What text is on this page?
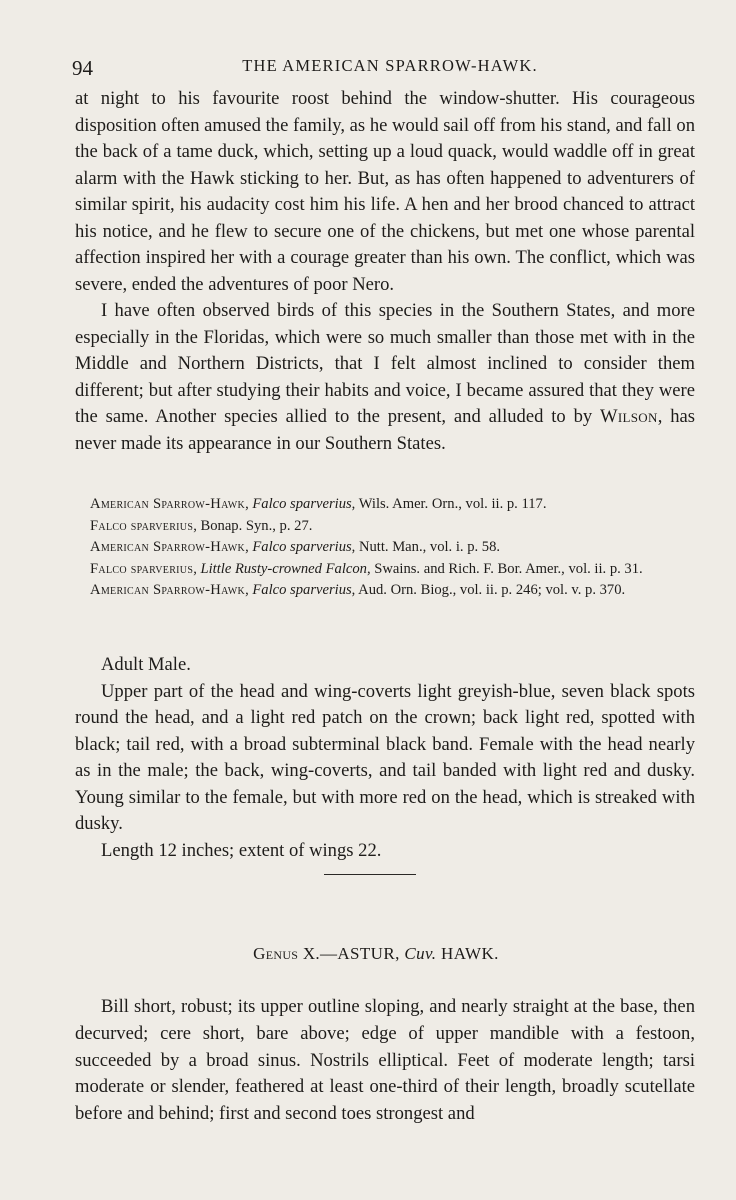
94	THE AMERICAN SPARROW-HAWK.

at night to his favourite roost behind the window-shutter. His courageous disposition often amused the family, as he would sail off from his stand, and fall on the back of a tame duck, which, setting up a loud quack, would waddle off in great alarm with the Hawk sticking to her. But, as has often happened to adventurers of similar spirit, his audacity cost him his life. A hen and her brood chanced to attract his notice, and he flew to secure one of the chickens, but met one whose parental affection inspired her with a courage greater than his own. The conflict, which was severe, ended the adventures of poor Nero.

I have often observed birds of this species in the Southern States, and more especially in the Floridas, which were so much smaller than those met with in the Middle and Northern Districts, that I felt almost inclined to consider them different; but after studying their habits and voice, I became assured that they were the same. Another species allied to the present, and alluded to by Wilson, has never made its appearance in our Southern States.

American Sparrow-Hawk, Falco sparverius, Wils. Amer. Orn., vol. ii. p. 117.

Falco sparverius, Bonap. Syn., p. 27.

American Sparrow-Hawk, Falco sparverius, Nutt. Man., vol. i. p. 58.

Falco sparverius, Little Rusty-crowned Falcon, Swains. and Rich. F. Bor. Amer., vol. ii. p. 31.

American Sparrow-Hawk, Falco sparverius, Aud. Orn. Biog., vol. ii. p. 246; vol. v. p. 370.

Adult Male.

Upper part of the head and wing-coverts light greyish-blue, seven black spots round the head, and a light red patch on the crown; back light red, spotted with black; tail red, with a broad subterminal black band. Female with the head nearly as in the male; the back, wing-coverts, and tail banded with light red and dusky. Young similar to the female, but with more red on the head, which is streaked with dusky.

Length 12 inches; extent of wings 22.

Genus X.—ASTUR, Cuv. HAWK.

Bill short, robust; its upper outline sloping, and nearly straight at the base, then decurved; cere short, bare above; edge of upper mandible with a festoon, succeeded by a broad sinus. Nostrils elliptical. Feet of moderate length; tarsi moderate or slender, feathered at least one-third of their length, broadly scutellate before and behind; first and second toes strongest and
